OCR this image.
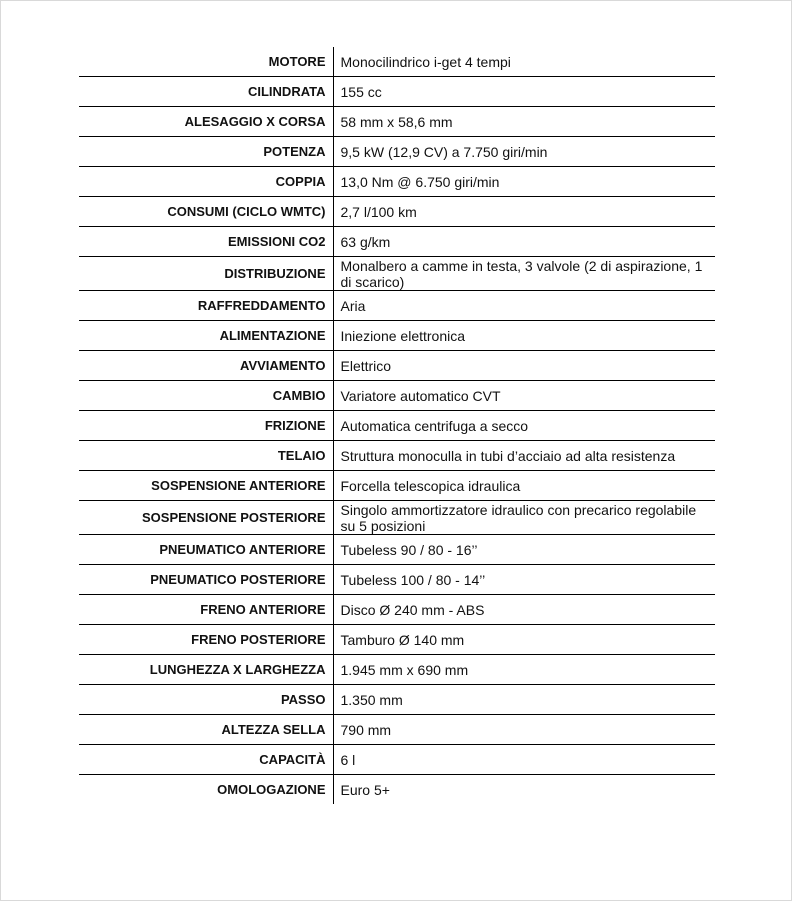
MOTORE	Monocilindrico i-get 4 tempi
CILINDRATA	155 cc
ALESAGGIO X CORSA	58 mm x 58,6 mm
POTENZA	9,5 kW (12,9 CV) a 7.750 giri/min
COPPIA	13,0 Nm @ 6.750 giri/min
CONSUMI (CICLO WMTC)	2,7 l/100 km
EMISSIONI CO2	63 g/km
DISTRIBUZIONE	Monalbero a camme in testa, 3 valvole (2 di aspirazione, 1 di scarico)
RAFFREDDAMENTO	Aria
ALIMENTAZIONE	Iniezione elettronica
AVVIAMENTO	Elettrico
CAMBIO	Variatore automatico CVT
FRIZIONE	Automatica centrifuga a secco
TELAIO	Struttura monoculla in tubi d’acciaio ad alta resistenza
SOSPENSIONE ANTERIORE	Forcella telescopica idraulica
SOSPENSIONE POSTERIORE	Singolo ammortizzatore idraulico con precarico regolabile su 5 posizioni
PNEUMATICO ANTERIORE	Tubeless 90 / 80 - 16’’
PNEUMATICO POSTERIORE	Tubeless 100 / 80 - 14’’
FRENO ANTERIORE	Disco Ø 240 mm - ABS
FRENO POSTERIORE	Tamburo Ø 140 mm
LUNGHEZZA X LARGHEZZA	1.945 mm x 690 mm
PASSO	1.350 mm
ALTEZZA SELLA	790 mm
CAPACITÀ	6 l
OMOLOGAZIONE	Euro 5+
